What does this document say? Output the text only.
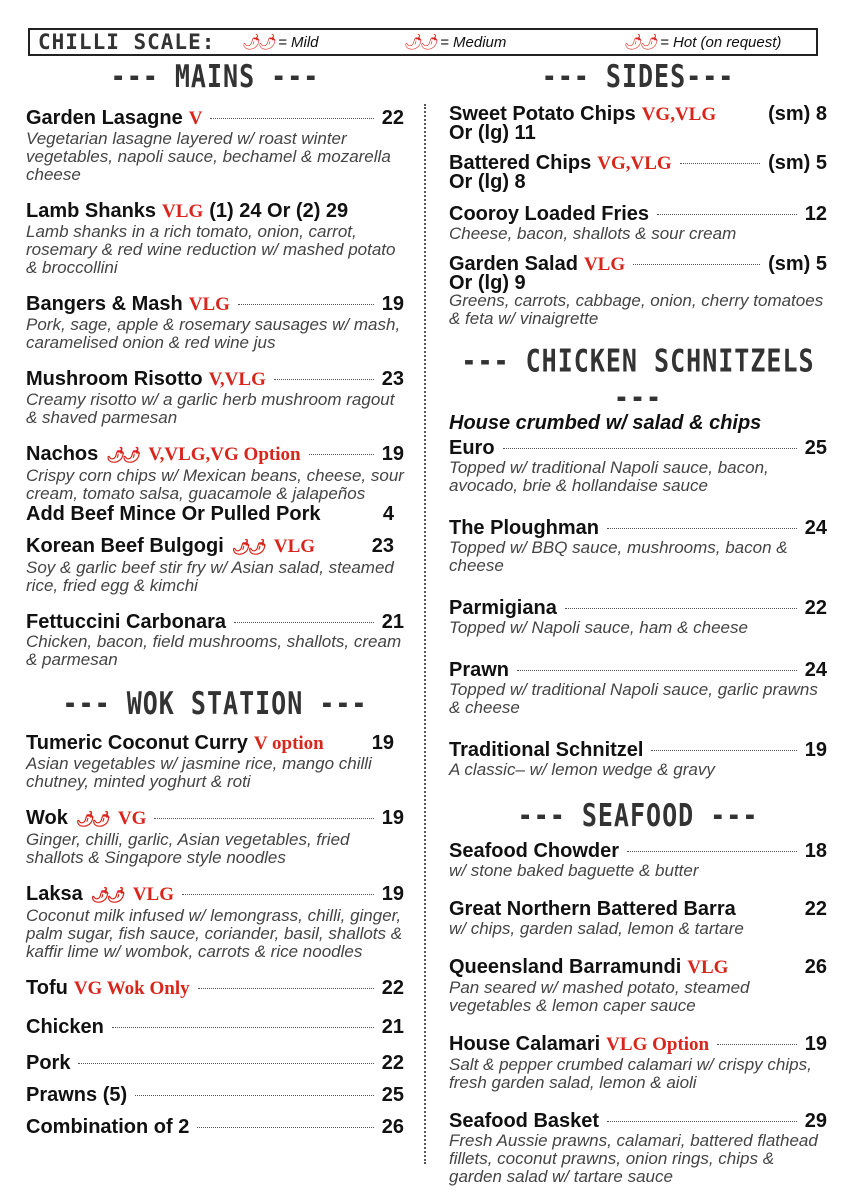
CHILLI SCALE: 🌶🌶 = Mild	🌶🌶 = Medium	🌶🌶 = Hot (on request)
--- MAINS ---
Garden Lasagne V	22
Vegetarian lasagne layered w/ roast winter vegetables, napoli sauce, bechamel & mozarella cheese
Lamb Shanks VLG (1) 24 Or (2) 29
Lamb shanks in a rich tomato, onion, carrot, rosemary & red wine reduction w/ mashed potato & broccollini
Bangers & Mash VLG	19
Pork, sage, apple & rosemary sausages w/ mash, caramelised onion & red wine jus
Mushroom Risotto V,VLG	23
Creamy risotto w/ a garlic herb mushroom ragout & shaved parmesan
Nachos 🌶🌶 V,VLG,VG Option	19
Crispy corn chips w/ Mexican beans, cheese, sour cream, tomato salsa, guacamole & jalapeños
Add Beef Mince Or Pulled Pork	4
Korean Beef Bulgogi 🌶🌶 VLG	23
Soy & garlic beef stir fry w/ Asian salad, steamed rice, fried egg & kimchi
Fettuccini Carbonara	21
Chicken, bacon, field mushrooms, shallots, cream & parmesan
--- WOK STATION ---
Tumeric Coconut Curry V option 19
Asian vegetables w/ jasmine rice, mango chilli chutney, minted yoghurt & roti
Wok 🌶🌶 VG	19
Ginger, chilli, garlic, Asian vegetables, fried shallots & Singapore style noodles
Laksa 🌶🌶 VLG	19
Coconut milk infused w/ lemongrass, chilli, ginger, palm sugar, fish sauce, coriander, basil, shallots & kaffir lime w/ wombok, carrots & rice noodles
Tofu VG Wok Only	22
Chicken	21
Pork	22
Prawns (5)	25
Combination of 2	26
--- SIDES---
Sweet Potato Chips VG,VLG	(sm) 8
Or (lg) 11
Battered Chips VG,VLG	(sm) 5
Or (lg) 8
Cooroy Loaded Fries	12
Cheese, bacon, shallots & sour cream
Garden Salad VLG	(sm) 5
Or (lg) 9
Greens, carrots, cabbage, onion, cherry tomatoes & feta w/ vinaigrette
--- CHICKEN SCHNITZELS ---
House crumbed w/ salad & chips
Euro	25
Topped w/ traditional Napoli sauce, bacon, avocado, brie & hollandaise sauce
The Ploughman	24
Topped w/ BBQ sauce, mushrooms, bacon & cheese
Parmigiana	22
Topped w/ Napoli sauce, ham & cheese
Prawn	24
Topped w/ traditional Napoli sauce, garlic prawns & cheese
Traditional Schnitzel	19
A classic– w/ lemon wedge & gravy
--- SEAFOOD ---
Seafood Chowder	18
w/ stone baked baguette & butter
Great Northern Battered Barra	22
w/ chips, garden salad, lemon & tartare
Queensland Barramundi VLG	26
Pan seared w/ mashed potato, steamed vegetables & lemon caper sauce
House Calamari VLG Option	19
Salt & pepper crumbed calamari w/ crispy chips, fresh garden salad, lemon & aioli
Seafood Basket	29
Fresh Aussie prawns, calamari, battered flathead fillets, coconut prawns, onion rings, chips & garden salad w/ tartare sauce
